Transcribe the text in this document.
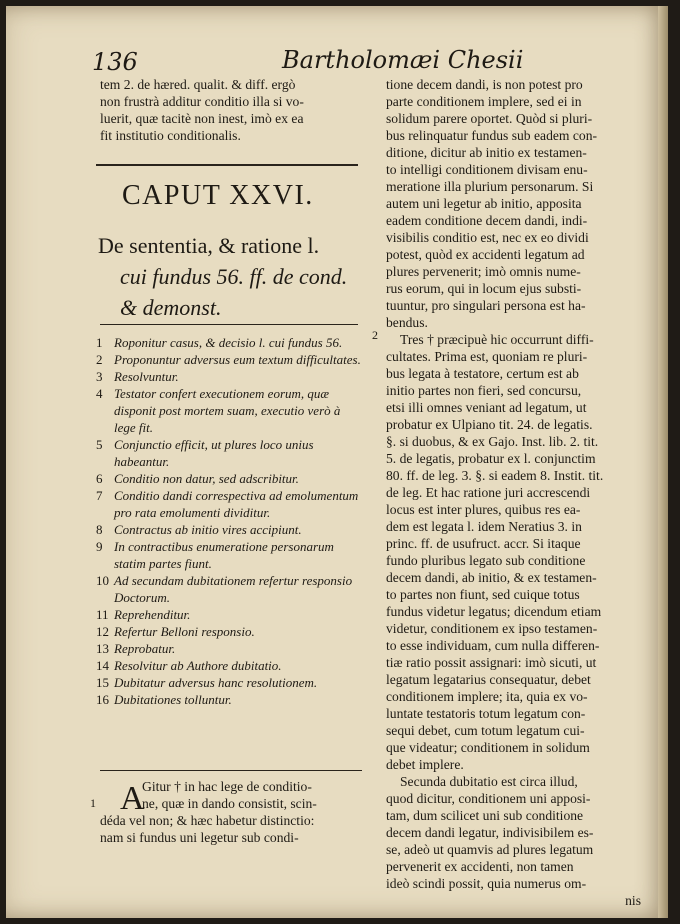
136	Bartholomæi Chesii
tem 2. de hæred. qualit. & diff. ergò
non frustrà additur conditio illa si vo-
luerit, quæ tacitè non inest, imò ex ea
fit institutio conditionalis.
CAPUT XXVI.
De sententia, & ratione l.
cui fundus 56. ff. de cond.
& demonst.
1 Roponitur casus, & decisio l. cui fundus 56.
2 Proponuntur adversus eum textum difficultates.
3 Resolvuntur.
4 Testator confert executionem eorum, quæ disponit post mortem suam, executio verò à lege fit.
5 Conjunctio efficit, ut plures loco unius habeantur.
6 Conditio non datur, sed adscribitur.
7 Conditio dandi correspectiva ad emolumentum pro rata emolumenti dividitur.
8 Contractus ab initio vires accipiunt.
9 In contractibus enumeratione personarum statim partes fiunt.
10 Ad secundam dubitationem refertur responsio Doctorum.
11 Reprehenditur.
12 Refertur Belloni responsio.
13 Reprobatur.
14 Resolvitur ab Authore dubitatio.
15 Dubitatur adversus hanc resolutionem.
16 Dubitationes tolluntur.
1 A
Gitur † in hac lege de conditio-
ne, quæ in dando consistit, scin-
déda vel non; & hæc habetur distinctio:
nam si fundus uni legetur sub condi-
2
tione decem dandi, is non potest pro
parte conditionem implere, sed ei in
solidum parere oportet. Quòd si pluri-
bus relinquatur fundus sub eadem con-
ditione, dicitur ab initio ex testamen-
to intelligi conditionem divisam enu-
meratione illa plurium personarum. Si
autem uni legetur ab initio, apposita
eadem conditione decem dandi, indi-
visibilis conditio est, nec ex eo dividi
potest, quòd ex accidenti legatum ad
plures pervenerit; imò omnis nume-
rus eorum, qui in locum ejus substi-
tuuntur, pro singulari persona est ha-
bendus.
Tres † præcipuè hic occurrunt diffi-
cultates. Prima est, quoniam re pluri-
bus legata à testatore, certum est ab
initio partes non fieri, sed concursu,
etsi illi omnes veniant ad legatum, ut
probatur ex Ulpiano tit. 24. de legatis.
§. si duobus, & ex Gajo. Inst. lib. 2. tit.
5. de legatis, probatur ex l. conjunctim
80. ff. de leg. 3. §. si eadem 8. Instit. tit.
de leg. Et hac ratione juri accrescendi
locus est inter plures, quibus res ea-
dem est legata l. idem Neratius 3. in
princ. ff. de usufruct. accr. Si itaque
fundo pluribus legato sub conditione
decem dandi, ab initio, & ex testamen-
to partes non fiunt, sed cuique totus
fundus videtur legatus; dicendum etiam
videtur, conditionem ex ipso testamen-
to esse individuam, cum nulla differen-
tiæ ratio possit assignari: imò sicuti, ut
legatum legatarius consequatur, debet
conditionem implere; ita, quia ex vo-
luntate testatoris totum legatum con-
sequi debet, cum totum legatum cui-
que videatur; conditionem in solidum
debet implere.
Secunda dubitatio est circa illud,
quod dicitur, conditionem uni apposi-
tam, dum scilicet uni sub conditione
decem dandi legatur, indivisibilem es-
se, adeò ut quamvis ad plures legatum
pervenerit ex accidenti, non tamen
ideò scindi possit, quia numerus om-
nis
